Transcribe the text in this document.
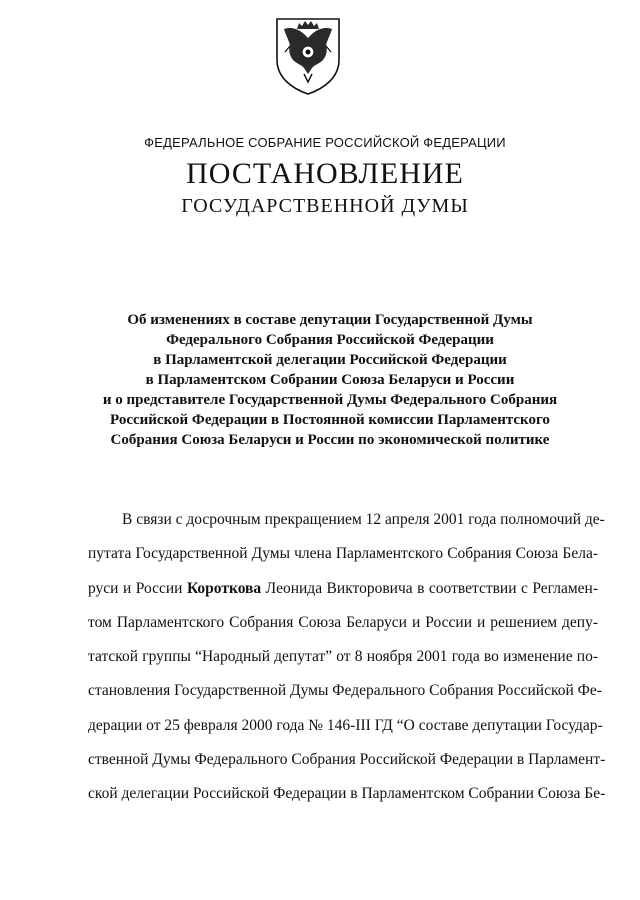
ФЕДЕРАЛЬНОЕ СОБРАНИЕ РОССИЙСКОЙ ФЕДЕРАЦИИ
ПОСТАНОВЛЕНИЕ
ГОСУДАРСТВЕННОЙ ДУМЫ
Об изменениях в составе депутации Государственной Думы
Федерального Собрания Российской Федерации
в Парламентской делегации Российской Федерации
в Парламентском Собрании Союза Беларуси и России
и о представителе Государственной Думы Федерального Собрания
Российской Федерации в Постоянной комиссии Парламентского
Собрания Союза Беларуси и России по экономической политике
В связи с досрочным прекращением 12 апреля 2001 года полномочий де-
путата Государственной Думы члена Парламентского Собрания Союза Бела-
руси и России Короткова Леонида Викторовича в соответствии с Регламен-
том Парламентского Собрания Союза Беларуси и России и решением депу-
татской группы “Народный депутат” от 8 ноября 2001 года во изменение по-
становления Государственной Думы Федерального Собрания Российской Фе-
дерации от 25 февраля 2000 года № 146-III ГД “О составе депутации Государ-
ственной Думы Федерального Собрания Российской Федерации в Парламент-
ской делегации Российской Федерации в Парламентском Собрании Союза Бе-
